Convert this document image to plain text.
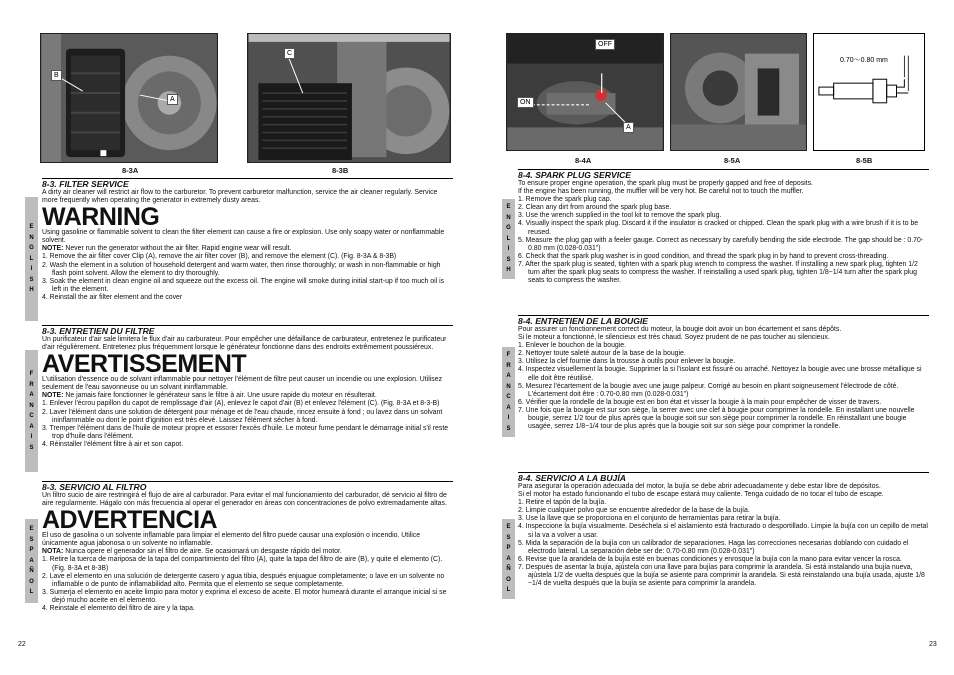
B
A
8-3A
C
8-3B
E
N
G
L
I
S
H
8-3. FILTER SERVICE

A dirty air cleaner will restrict air flow to the carburetor. To prevent carburetor malfunction, service the air cleaner regularly. Service more frequently when operating the generator in extremely dusty areas.

WARNING

Using gasoline or flammable solvent to clean the filter element can cause a fire or explosion. Use only soapy water or nonflammable solvent.

NOTE: Never run the generator without the air filter. Rapid engine wear will result.

1. Remove the air filter cover Clip (A), remove the air filter cover (B), and remove the element (C). (Fig. 8-3A & 8-3B)
2. Wash the element in a solution of household detergent and warm water, then rinse thoroughly; or wash in non-flammable or high flash point solvent. Allow the element to dry thoroughly.
3. Soak the element in clean engine oil and squeeze out the excess oil. The engine will smoke during initial start-up if too much oil is left in the element.
4. Reinstall the air filter element and the cover
F
R
A
N
C
A
I
S
8-3. ENTRETIEN DU FILTRE

Un purificateur d'air sale limitera le flux d'air au carburateur. Pour empêcher une défaillance de carburateur, entretenez le purificateur d'air régulièrement. Entretenez plus fréquemment lorsque le générateur fonctionne dans des endroits extrêmement poussiéreux.

AVERTISSEMENT

L'utilisation d'essence ou de solvant inflammable pour nettoyer l'élément de filtre peut causer un incendie ou une explosion. Utilisez seulement de l'eau savonneuse ou un solvant ininflammable.

NOTE: Ne jamais faire fonctionner le générateur sans le filtre à air. Une usure rapide du moteur en résulterait.

1. Enlever l'écrou papillon du capot de remplissage d'air (A), enlevez le capot d'air (B) et enlevez l'élément (C). (Fig. 8-3A et 8-3-B)
2. Laver l'élément dans une solution de détergent pour ménage et de l'eau chaude, rincez ensuite à fond ; ou lavez dans un solvant ininflammable ou dont le point d'ignition est très élevé. Laissez l'élément sécher à fond.
3. Tremper l'élément dans de l'huile de moteur propre et essorer l'excès d'huile. Le moteur fume pendant le démarrage initial s'il reste trop d'huile dans l'élément.
4. Réinstaller l'élément filtre à air et son capot.
E
S
P
A
Ñ
O
L
8-3. SERVICIO AL FILTRO

Un filtro sucio de aire restringirá el flujo de aire al carburador. Para evitar el mal funcionamiento del carburador, dé servicio al filtro de aire regularmente. Hágalo con más frecuencia al operar el generador en áreas con concentraciones de polvo extremadamente altas.

ADVERTENCIA

El uso de gasolina o un solvente inflamable para limpiar el elemento del filtro puede causar una explosión o incendio. Utilice únicamente agua jabonosa o un solvente no inflamable.

NOTA: Nunca opere el generador sin el filtro de aire. Se ocasionará un desgaste rápido del motor.

1. Retire la tuerca de mariposa de la tapa del compartimiento del filtro (A), quite la tapa del filtro de aire (B), y quite el elemento (C). (Fig. 8-3A et 8-3B)
2. Lave el elemento en una solución de detergente casero y agua tibia, después enjuague completamente; o lave en un solvente no inflamable o de punto de inflamabilidad alto. Permita que el elemento se seque completamente.
3. Sumerja el elemento en aceite limpio para motor y exprima el exceso de aceite. El motor humeará durante el arranque inicial si se dejó mucho aceite en el elemento.
4. Reinstale el elemento del filtro de aire y la tapa.
22
OFF
ON
A
8-4A	8-5A
0.70～0.80 mm
8-5B
E
N
G
L
I
S
H
8-4. SPARK PLUG SERVICE

To ensure proper engine operation, the spark plug must be properly gapped and free of deposits.

If the engine has been running, the muffler will be very hot. Be careful not to touch the muffler.

1. Remove the spark plug cap.
2. Clean any dirt from around the spark plug base.
3. Use the wrench supplied in the tool kit to remove the spark plug.
4. Visually inspect the spark plug. Discard it if the insulator is cracked or chipped. Clean the spark plug with a wire brush if it is to be reused.
5. Measure the plug gap with a feeler gauge. Correct as necessary by carefully bending the side electrode. The gap should be : 0.70-0.80 mm (0.028-0.031")
6. Check that the spark plug washer is in good condition, and thread the spark plug in by hand to prevent cross-threading.
7. After the spark plug is seated, tighten with a spark plug wrench to compress the washer. If installing a new spark plug, tighten 1/2 turn after the spark plug seats to compress the washer. If reinstalling a used spark plug, tighten 1/8~1/4 turn after the spark plug seats to compress the washer.
F
R
A
N
C
A
I
S
8-4. ENTRETIEN DE LA BOUGIE

Pour assurer un fonctionnement correct du moteur, la bougie doit avoir un bon écartement et sans dépôts.

Si le moteur a fonctionné, le silencieux est très chaud. Soyez prudent de ne pas toucher au silencieux.

1. Enlever le bouchon de la bougie.
2. Nettoyer toute saleté autour de la base de la bougie.
3. Utilisez la clef fournie dans la trousse à outils pour enlever la bougie.
4. Inspectez visuellement la bougie. Supprimer la si l'isolant est fissuré ou arraché. Nettoyez la bougie avec une brosse métallique si elle doit être réutilisé.
5. Mesurez l'écartement de la bougie avec une jauge palpeur. Corrigé au besoin en pliant soigneusement l'électrode de côté. L'écartement doit être : 0.70-0.80 mm (0.028-0.031")
6. Vérifier que la rondelle de la bougie est en bon état et visser la bougie à la main pour empêcher de visser de travers.
7. Une fois que la bougie est sur son siège, la serrer avec une clef à bougie pour comprimer la rondelle. En installant une nouvelle bougie, serrez 1/2 tour de plus après que la bougie soit sur son siège pour comprimer la rondelle. En réinstallant une bougie usagée, serrez 1/8~1/4 tour de plus après que la bougie soit sur son siège pour comprimer la rondelle.
E
S
P
A
Ñ
O
L
8-4. SERVICIO A LA BUJÍA

Para asegurar la operación adecuada del motor, la bujía se debe abrir adecuadamente y debe estar libre de depósitos.

Si el motor ha estado funcionando el tubo de escape estará muy caliente. Tenga cuidado de no tocar el tubo de escape.

1. Retire el tapón de la bujía.
2. Limpie cualquier polvo que se encuentre alrededor de la base de la bujía.
3. Use la llave que se proporciona en el conjunto de herramientas para retirar la bujía.
4. Inspeccione la bujía visualmente. Deséchela si el aislamiento está fracturado o desportillado. Limpie la bujía con un cepillo de metal si la va a volver a usar.
5. Mida la separación de la bujía con un calibrador de separaciones. Haga las correcciones necesarias doblando con cuidado el electrodo lateral. La separación debe ser de: 0.70-0.80 mm (0.028-0.031")
6. Revise que la arandela de la bujía esté en buenas condiciones y enrosque la bujía con la mano para evitar vencer la rosca.
7. Después de asentar la bujía, ajústela con una llave para bujías para comprimir la arandela. Si está instalando una bujía nueva, ajústela 1/2 de vuelta después que la bujía se asiente para comprimir la arandela. Si está reinstalando una bujía usada, ajuste 1/8 ~1/4 de vuelta después que la bujía se asiente para comprimir la arandela.
23
